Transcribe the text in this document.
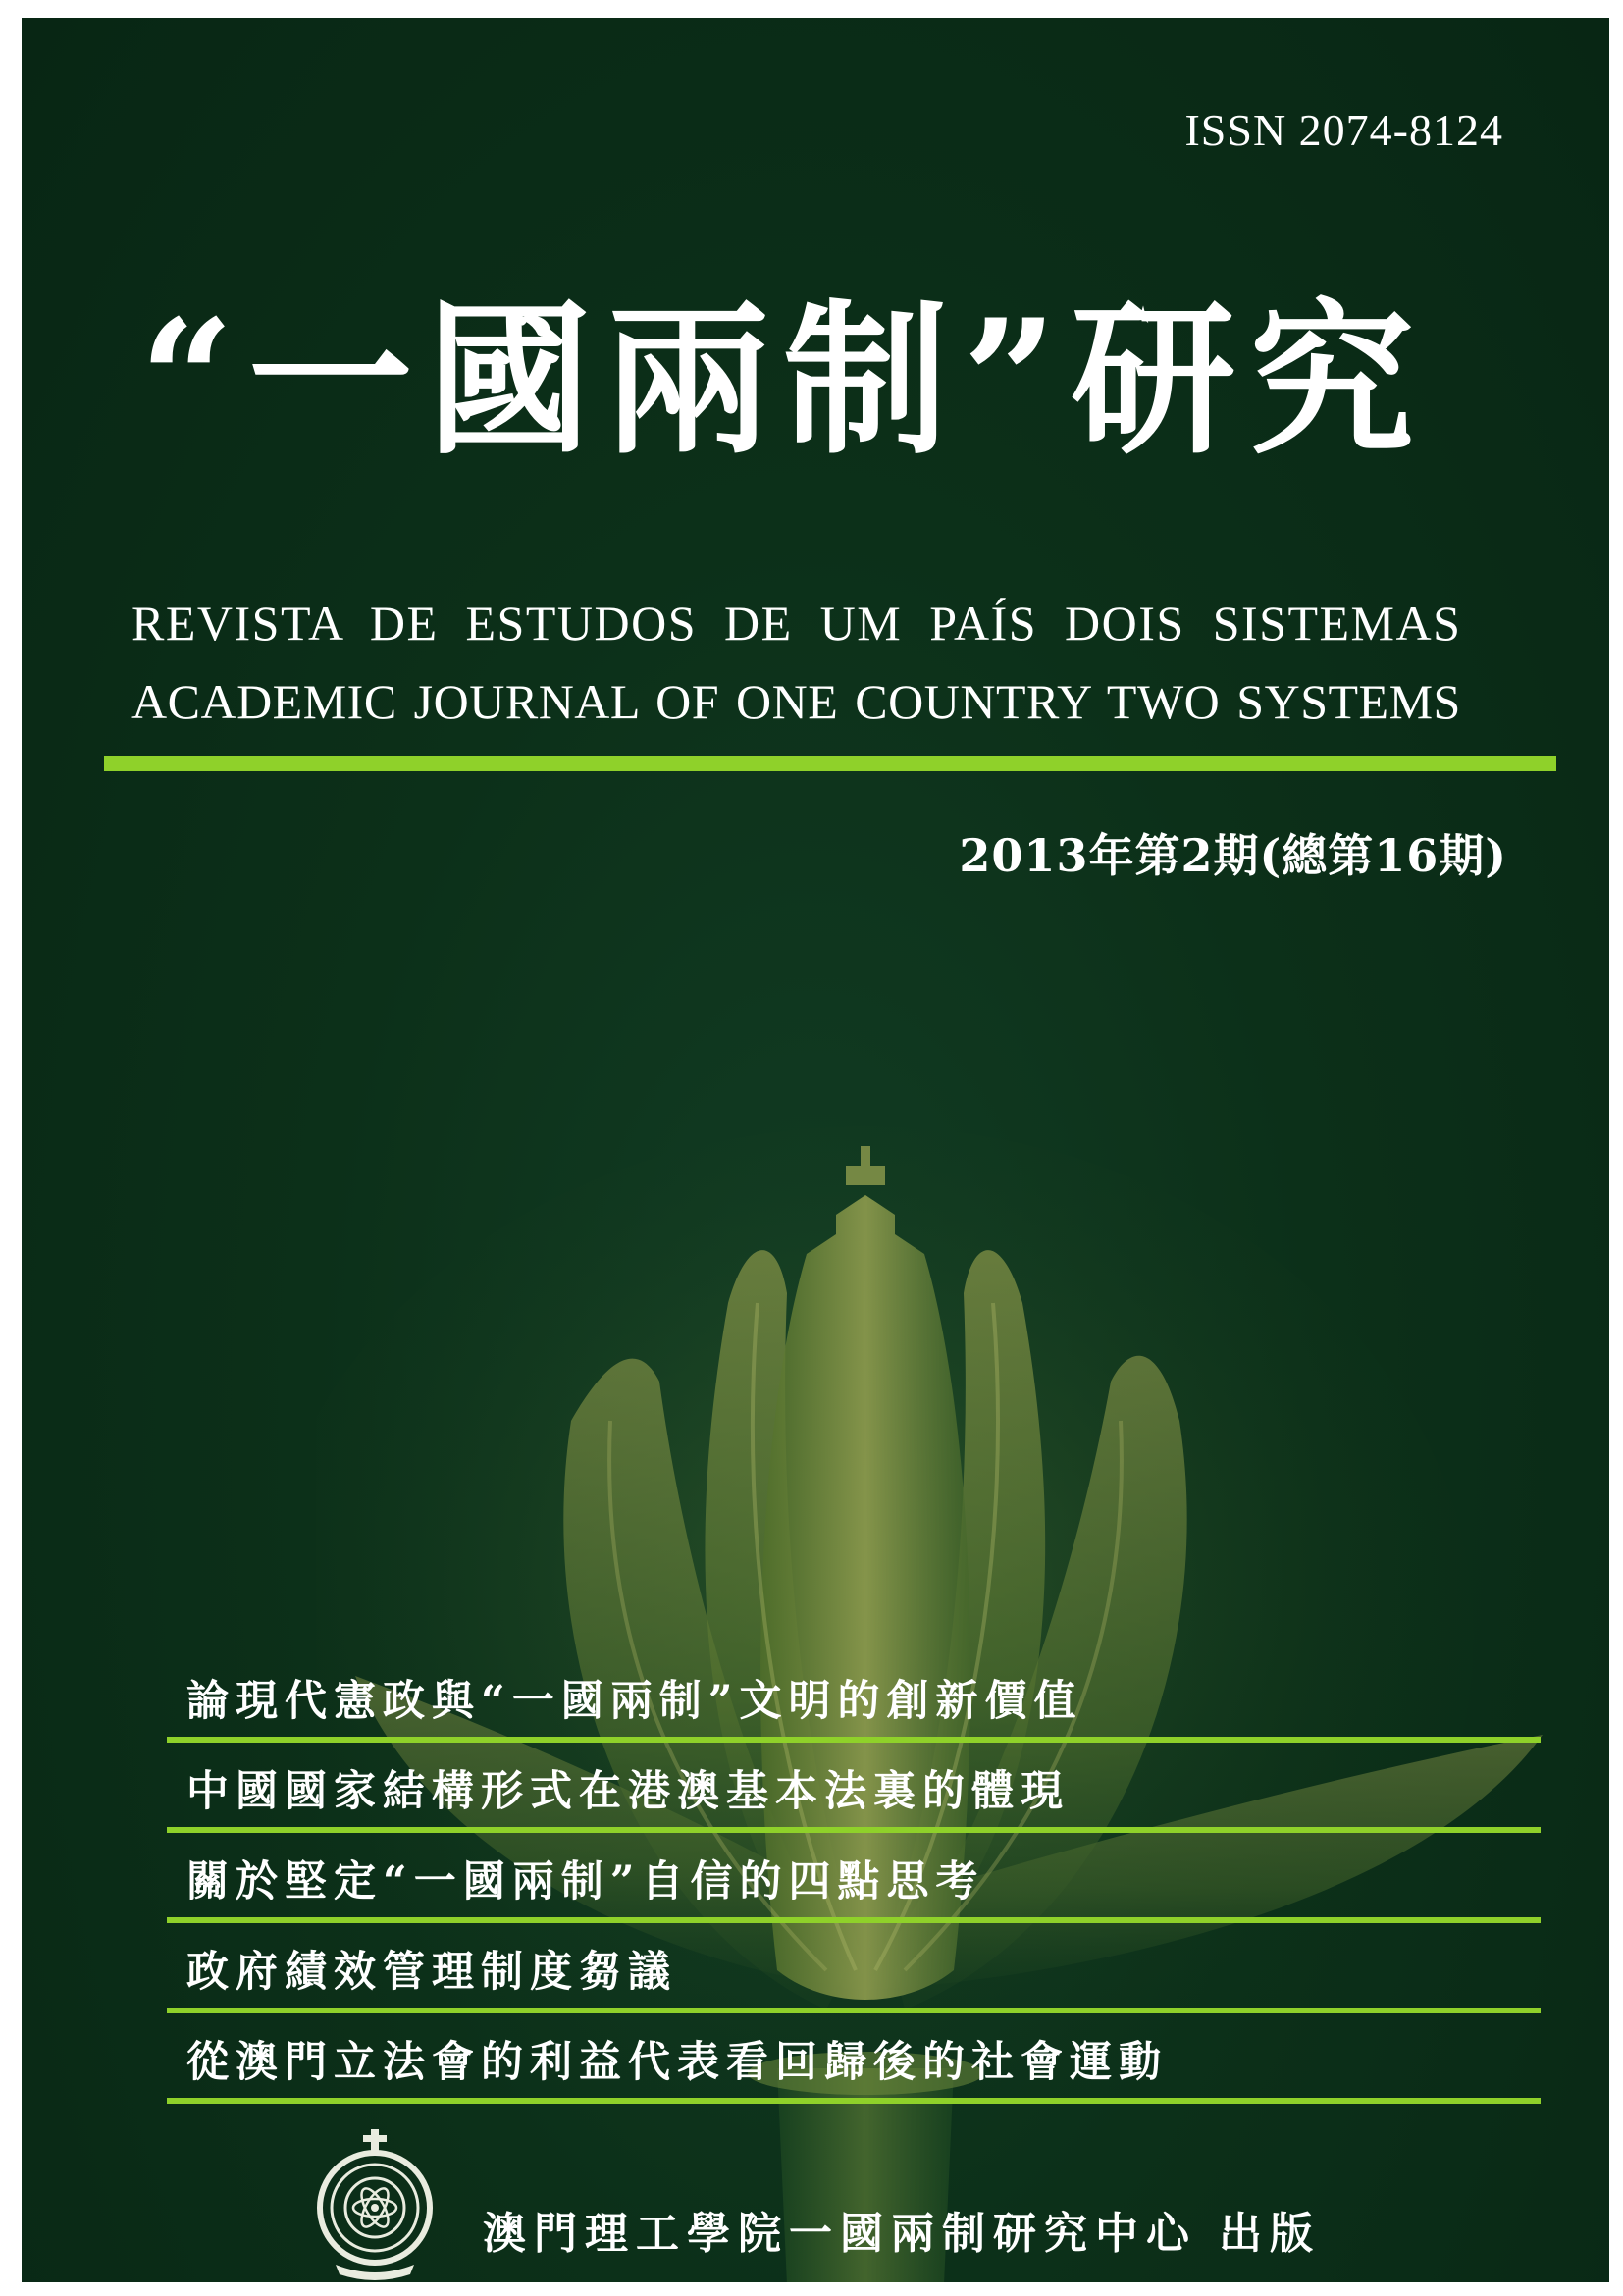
ISSN 2074-8124
“一國兩制”研究
REVISTA DE ESTUDOS DE UM PAÍS DOIS SISTEMAS
ACADEMIC JOURNAL OF ONE COUNTRY TWO SYSTEMS
2013年第2期(總第16期)
論現代憲政與“一國兩制”文明的創新價值
中國國家結構形式在港澳基本法裏的體現
關於堅定“一國兩制”自信的四點思考
政府績效管理制度芻議
從澳門立法會的利益代表看回歸後的社會運動
澳門理工學院一國兩制研究中心 出版
